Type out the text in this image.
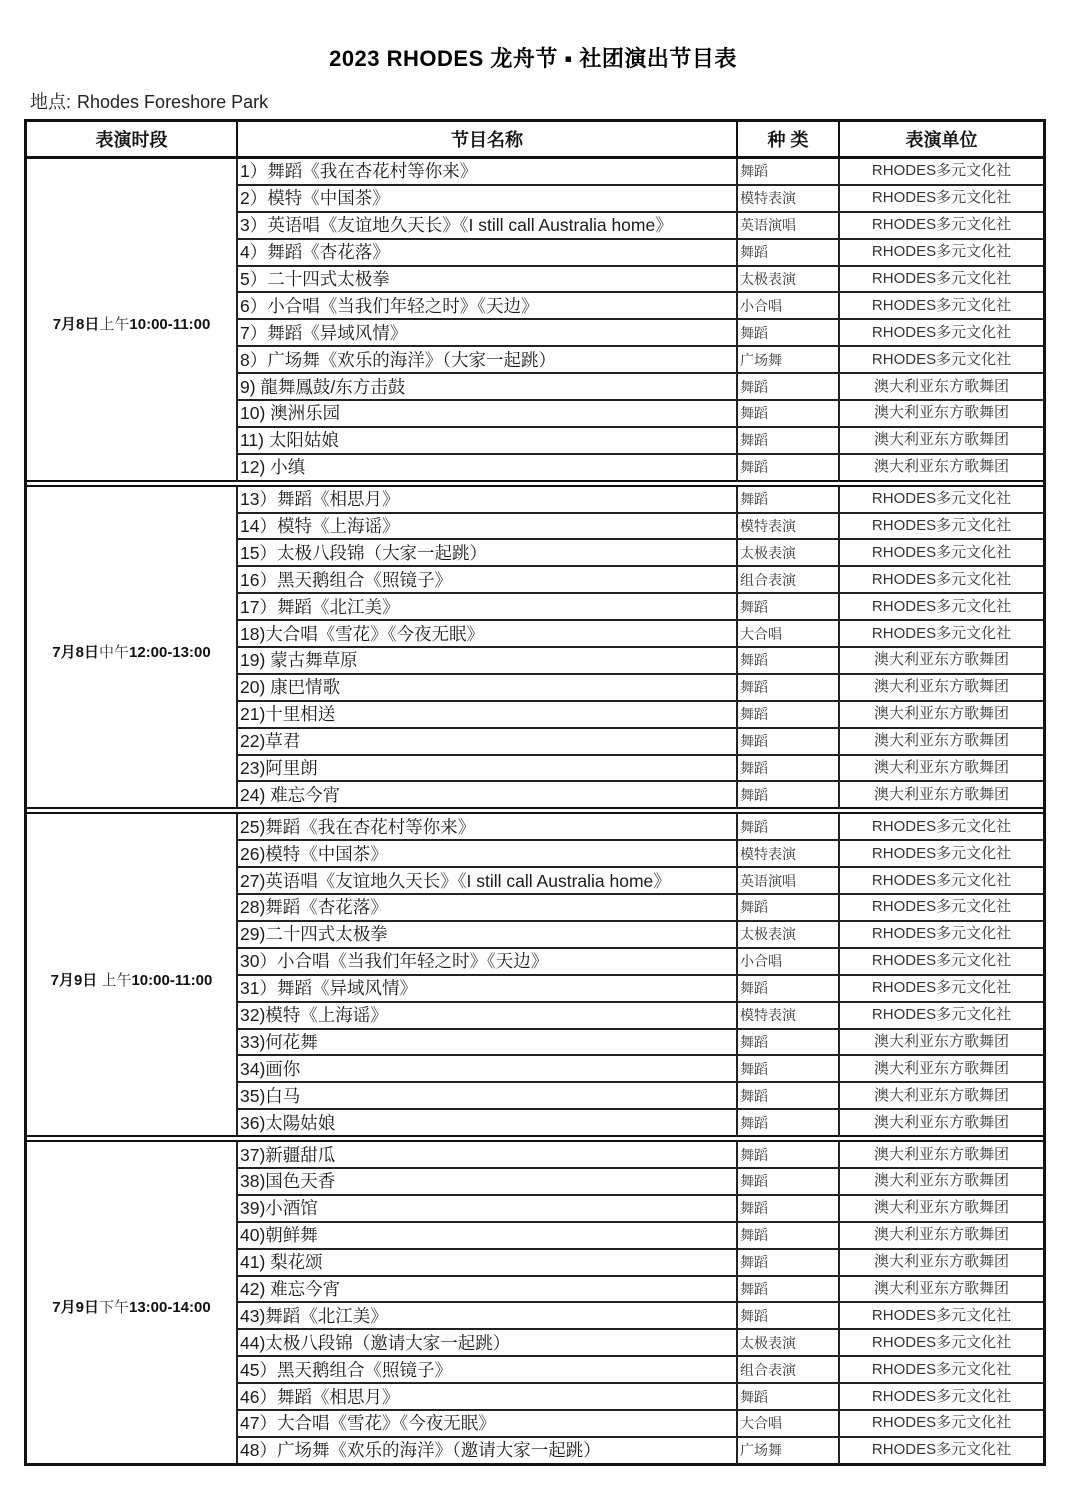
2023 RHODES 龙舟节 ▪ 社团演出节目表
地点: Rhodes Foreshore Park
表演时段	节目名称	种 类	表演单位
7月8日上午10:00-11:00	1）舞蹈《我在杏花村等你来》	舞蹈	RHODES多元文化社
	2）模特《中国茶》	模特表演	RHODES多元文化社
	3）英语唱《友谊地久天长》《I still call Australia home》	英语演唱	RHODES多元文化社
	4）舞蹈《杏花落》	舞蹈	RHODES多元文化社
	5）二十四式太极拳	太极表演	RHODES多元文化社
	6）小合唱《当我们年轻之时》《天边》	小合唱	RHODES多元文化社
	7）舞蹈《异域风情》	舞蹈	RHODES多元文化社
	8）广场舞《欢乐的海洋》（大家一起跳）	广场舞	RHODES多元文化社
	9) 龍舞鳳鼓/东方击鼓	舞蹈	澳大利亚东方歌舞团
	10) 澳洲乐园	舞蹈	澳大利亚东方歌舞团
	11) 太阳姑娘	舞蹈	澳大利亚东方歌舞团
	12) 小缜	舞蹈	澳大利亚东方歌舞团

7月8日中午12:00-13:00	13）舞蹈《相思月》	舞蹈	RHODES多元文化社
	14）模特《上海谣》	模特表演	RHODES多元文化社
	15）太极八段锦（大家一起跳）	太极表演	RHODES多元文化社
	16）黑天鹅组合《照镜子》	组合表演	RHODES多元文化社
	17）舞蹈《北江美》	舞蹈	RHODES多元文化社
	18)大合唱《雪花》《今夜无眠》	大合唱	RHODES多元文化社
	19) 蒙古舞草原	舞蹈	澳大利亚东方歌舞团
	20) 康巴情歌	舞蹈	澳大利亚东方歌舞团
	21)十里相送	舞蹈	澳大利亚东方歌舞团
	22)草君	舞蹈	澳大利亚东方歌舞团
	23)阿里朗	舞蹈	澳大利亚东方歌舞团
	24) 难忘今宵	舞蹈	澳大利亚东方歌舞团

7月9日 上午10:00-11:00	25)舞蹈《我在杏花村等你来》	舞蹈	RHODES多元文化社
	26)模特《中国茶》	模特表演	RHODES多元文化社
	27)英语唱《友谊地久天长》《I still call Australia home》	英语演唱	RHODES多元文化社
	28)舞蹈《杏花落》	舞蹈	RHODES多元文化社
	29)二十四式太极拳	太极表演	RHODES多元文化社
	30）小合唱《当我们年轻之时》《天边》	小合唱	RHODES多元文化社
	31）舞蹈《异域风情》	舞蹈	RHODES多元文化社
	32)模特《上海谣》	模特表演	RHODES多元文化社
	33)何花舞	舞蹈	澳大利亚东方歌舞团
	34)画你	舞蹈	澳大利亚东方歌舞团
	35)白马	舞蹈	澳大利亚东方歌舞团
	36)太陽姑娘	舞蹈	澳大利亚东方歌舞团

7月9日下午13:00-14:00	37)新疆甜瓜	舞蹈	澳大利亚东方歌舞团
	38)国色天香	舞蹈	澳大利亚东方歌舞团
	39)小酒馆	舞蹈	澳大利亚东方歌舞团
	40)朝鲜舞	舞蹈	澳大利亚东方歌舞团
	41) 梨花颂	舞蹈	澳大利亚东方歌舞团
	42) 难忘今宵	舞蹈	澳大利亚东方歌舞团
	43)舞蹈《北江美》	舞蹈	RHODES多元文化社
	44)太极八段锦（邀请大家一起跳）	太极表演	RHODES多元文化社
	45）黑天鹅组合《照镜子》	组合表演	RHODES多元文化社
	46）舞蹈《相思月》	舞蹈	RHODES多元文化社
	47）大合唱《雪花》《今夜无眠》	大合唱	RHODES多元文化社
	48）广场舞《欢乐的海洋》（邀请大家一起跳）	广场舞	RHODES多元文化社
